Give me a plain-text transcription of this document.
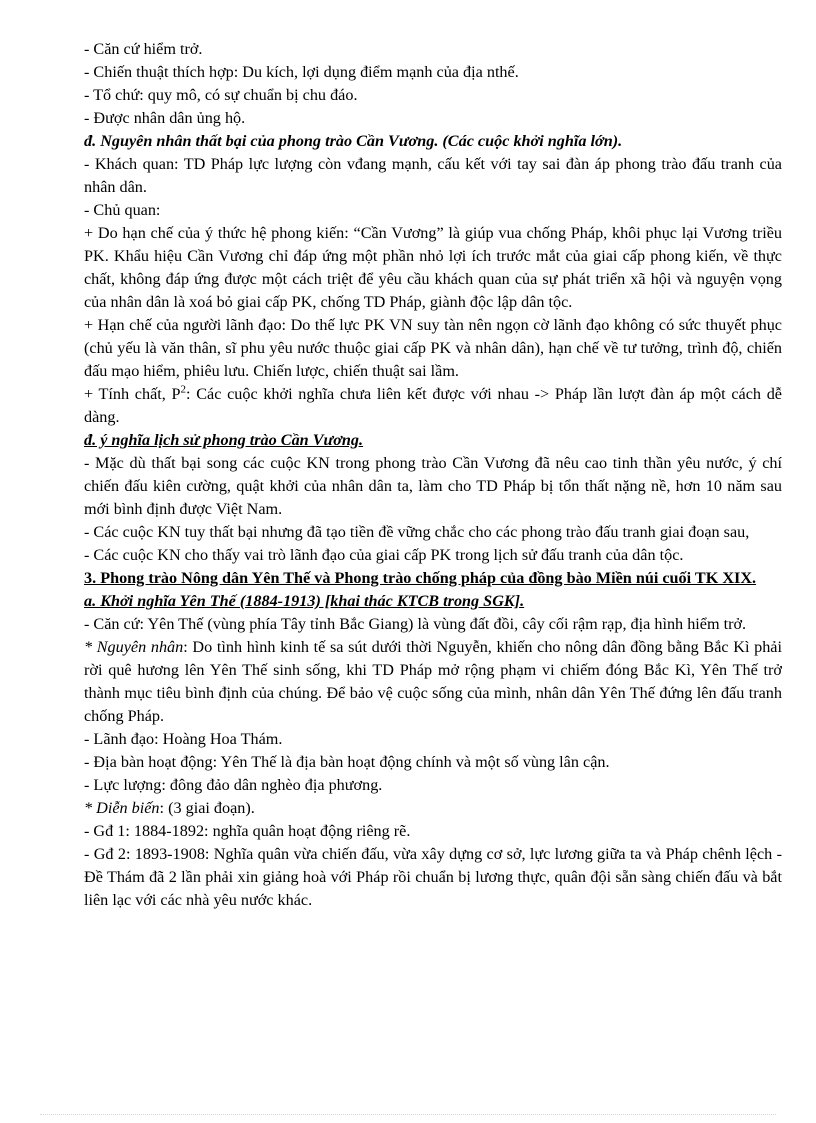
- Căn cứ hiểm trở.

- Chiến thuật thích hợp: Du kích, lợi dụng điểm mạnh của địa nthế.

- Tổ chứ: quy mô, có sự chuẩn bị chu đáo.

- Được nhân dân ủng hộ.

đ. Nguyên nhân thất bại của phong trào Cần Vương. (Các cuộc khởi nghĩa lớn).

- Khách quan: TD Pháp lực lượng còn vđang mạnh, cấu kết với tay sai đàn áp phong trào đấu tranh của nhân dân.

- Chủ quan:

+ Do hạn chế của ý thức hệ phong kiến: “Cần Vương” là giúp vua chống Pháp, khôi phục lại Vương triều PK. Khẩu hiệu Cần Vương chỉ đáp ứng một phần nhỏ lợi ích trước mắt của giai cấp phong kiến, về thực chất, không đáp ứng được một cách triệt để yêu cầu khách quan của sự phát triển xã hội và nguyện vọng của nhân dân là xoá bỏ giai cấp PK, chống TD Pháp, giành độc lập dân tộc.

+ Hạn chế của người lãnh đạo: Do thế lực PK VN suy tàn nên ngọn cờ lãnh đạo không có sức thuyết phục (chủ yếu là văn thân, sĩ phu yêu nước thuộc giai cấp PK và nhân dân), hạn chế về tư tưởng, trình độ, chiến đấu mạo hiểm, phiêu lưu. Chiến lược, chiến thuật sai lầm.

+ Tính chất, $P^2$: Các cuộc khởi nghĩa chưa liên kết được với nhau -> Pháp lần lượt đàn áp một cách dễ dàng.

đ. ý nghĩa lịch sử phong trào Cần Vương.

- Mặc dù thất bại song các cuộc KN trong phong trào Cần Vương đã nêu cao tinh thần yêu nước, ý chí chiến đấu kiên cường, quật khởi của nhân dân ta, làm cho TD Pháp bị tổn thất nặng nề, hơn 10 năm sau mới bình định được Việt Nam.

- Các cuộc KN tuy thất bại nhưng đã tạo tiền đề vững chắc cho các phong trào đấu tranh giai đoạn sau,

- Các cuộc KN cho thấy vai trò lãnh đạo của giai cấp PK trong lịch sử đấu tranh của dân tộc.

3. Phong trào Nông dân Yên Thế và Phong trào chống pháp của đồng bào Miền núi cuối TK XIX.

a. Khởi nghĩa Yên Thế (1884-1913) [khai thác KTCB trong SGK].

- Căn cứ: Yên Thế (vùng phía Tây tỉnh Bắc Giang) là vùng đất đồi, cây cối rậm rạp, địa hình hiểm trở.

* Nguyên nhân: Do tình hình kinh tế sa sút dưới thời Nguyễn, khiến cho nông dân đồng bằng Bắc Kì phải rời quê hương lên Yên Thế sinh sống, khi TD Pháp mở rộng phạm vi chiếm đóng Bắc Kì, Yên Thế trở thành mục tiêu bình định của chúng. Để bảo vệ cuộc sống của mình, nhân dân Yên Thế đứng lên đấu tranh chống Pháp.

- Lãnh đạo: Hoàng Hoa Thám.

- Địa bàn hoạt động: Yên Thế là địa bàn hoạt động chính và một số vùng lân cận.

- Lực lượng: đông đảo dân nghèo địa phương.

* Diễn biến: (3 giai đoạn).

- Gđ 1: 1884-1892: nghĩa quân hoạt động riêng rẽ.

- Gđ 2: 1893-1908: Nghĩa quân vừa chiến đấu, vừa xây dựng cơ sở, lực lương giữa ta và Pháp chênh lệch - Đề Thám đã 2 lần phải xin giảng hoà với Pháp rồi chuẩn bị lương thực, quân đội sẵn sàng chiến đấu và bắt liên lạc với các nhà yêu nước khác.
